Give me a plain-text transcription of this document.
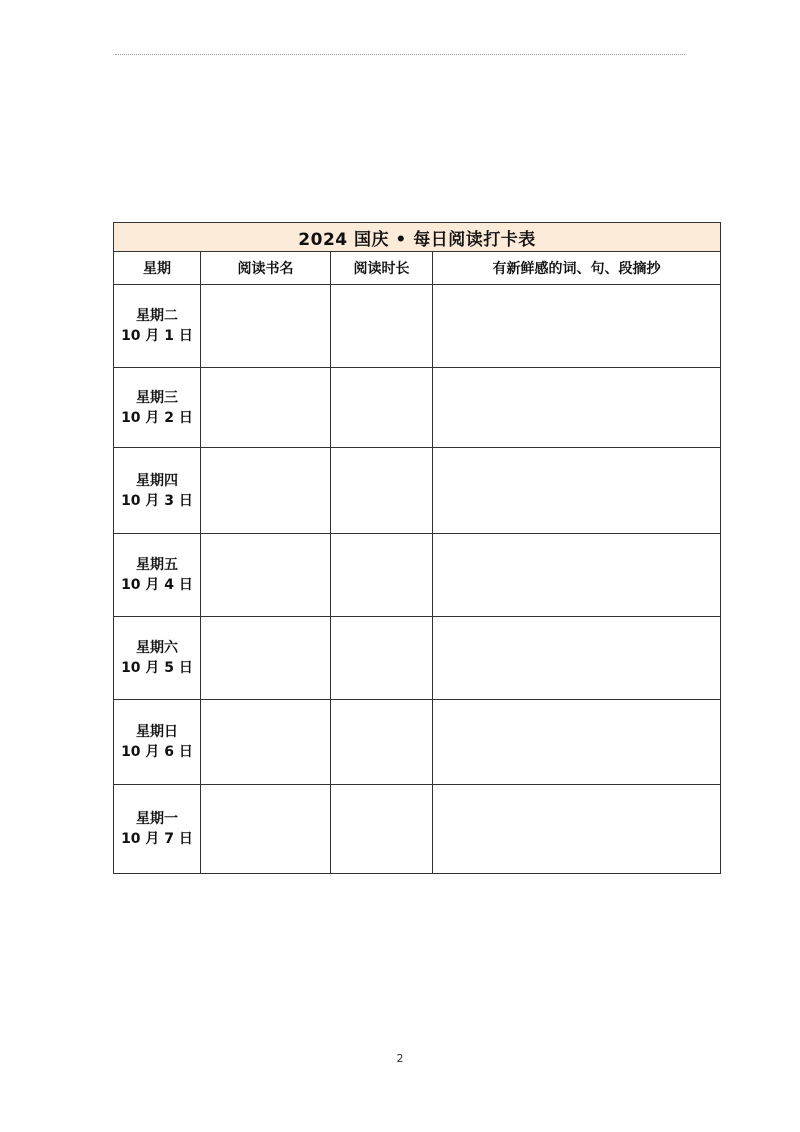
2024 国庆 • 每日阅读打卡表			
星期	阅读书名	阅读时长	有新鲜感的词、句、段摘抄

星期二
10 月 1 日			

星期三
10 月 2 日			

星期四
10 月 3 日			

星期五
10 月 4 日			

星期六
10 月 5 日			

星期日
10 月 6 日			

星期一
10 月 7 日			

2
